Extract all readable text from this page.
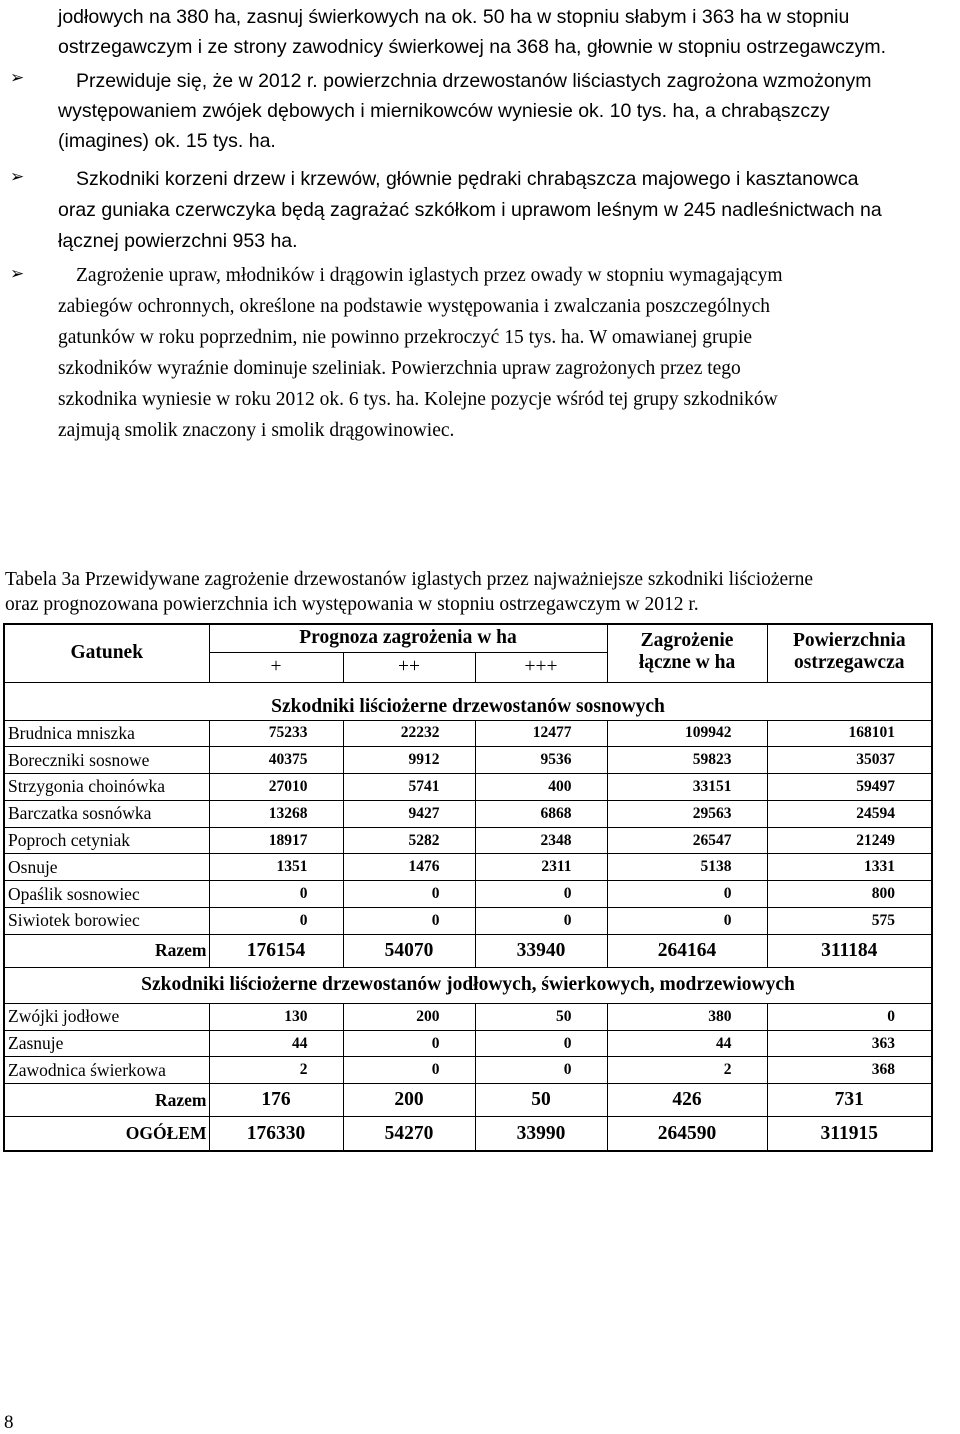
jodłowych na 380 ha, zasnuj świerkowych na ok. 50 ha w stopniu słabym i 363 ha w stopniu
ostrzegawczym i ze strony zawodnicy świerkowej na 368 ha, głownie w stopniu ostrzegawczym.
➢	Przewiduje się, że w 2012 r. powierzchnia drzewostanów liściastych zagrożona wzmożonym
występowaniem zwójek dębowych i miernikowców wyniesie ok. 10 tys. ha, a chrabąszczy
(imagines) ok. 15 tys. ha.
➢	Szkodniki korzeni drzew i krzewów, głównie pędraki chrabąszcza majowego i kasztanowca
oraz guniaka czerwczyka będą zagrażać szkółkom i uprawom leśnym w 245 nadleśnictwach na
łącznej powierzchni 953 ha.
➢	Zagrożenie upraw, młodników i drągowin iglastych przez owady w stopniu wymagającym
zabiegów ochronnych, określone na podstawie występowania i zwalczania poszczególnych
gatunków w roku poprzednim, nie powinno przekroczyć 15 tys. ha. W omawianej grupie
szkodników wyraźnie dominuje szeliniak. Powierzchnia upraw zagrożonych przez tego
szkodnika wyniesie w roku 2012 ok. 6 tys. ha. Kolejne pozycje wśród tej grupy szkodników
zajmują smolik znaczony i smolik drągowinowiec.
Tabela 3a Przewidywane zagrożenie drzewostanów iglastych przez najważniejsze szkodniki liściożerne
oraz prognozowana powierzchnia ich występowania w stopniu ostrzegawczym w 2012 r.
Gatunek	Prognoza zagrożenia w ha			Zagrożenie	Powierzchnia
	+	++	+++	łączne w ha	ostrzegawcza
Szkodniki liściożerne drzewostanów sosnowych					
Brudnica mniszka	75233	22232	12477	109942	168101
Boreczniki sosnowe	40375	9912	9536	59823	35037
Strzygonia choinówka	27010	5741	400	33151	59497
Barczatka sosnówka	13268	9427	6868	29563	24594
Poproch cetyniak	18917	5282	2348	26547	21249
Osnuje	1351	1476	2311	5138	1331
Opaślik sosnowiec	0	0	0	0	800
Siwiotek borowiec	0	0	0	0	575
Razem	176154	54070	33940	264164	311184
Szkodniki liściożerne drzewostanów jodłowych, świerkowych, modrzewiowych					
Zwójki jodłowe	130	200	50	380	0
Zasnuje	44	0	0	44	363
Zawodnica świerkowa	2	0	0	2	368
Razem	176	200	50	426	731
OGÓŁEM	176330	54270	33990	264590	311915
8
